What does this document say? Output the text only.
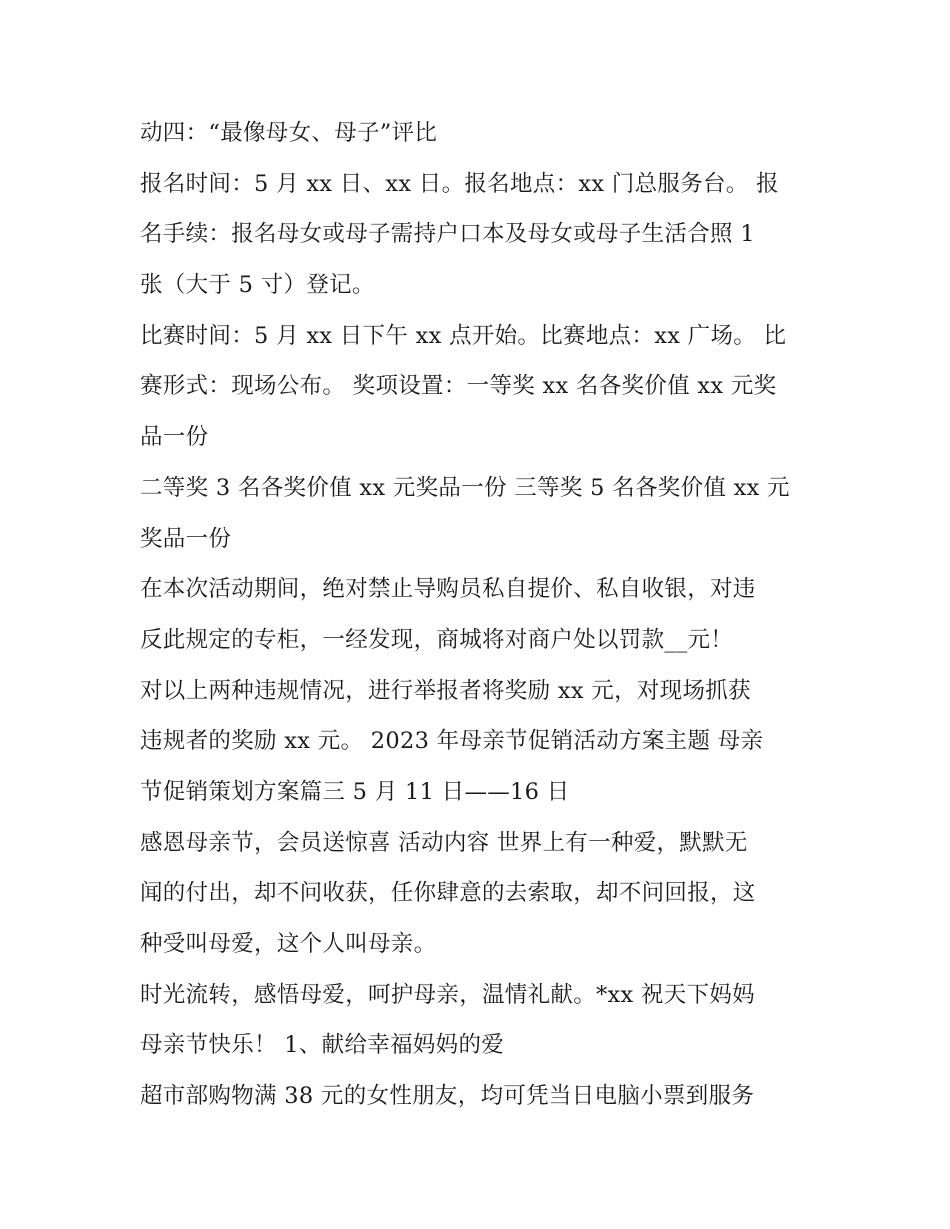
动四：“最像母女、母子”评比
报名时间：5 月 xx 日、xx 日。报名地点：xx 门总服务台。 报
名手续：报名母女或母子需持户口本及母女或母子生活合照 1
张（大于 5 寸）登记。
比赛时间：5 月 xx 日下午 xx 点开始。比赛地点：xx 广场。 比
赛形式：现场公布。 奖项设置：一等奖 xx 名各奖价值 xx 元奖
品一份
二等奖 3 名各奖价值 xx 元奖品一份 三等奖 5 名各奖价值 xx 元
奖品一份
在本次活动期间，绝对禁止导购员私自提价、私自收银，对违
反此规定的专柜，一经发现，商城将对商户处以罚款__元！
对以上两种违规情况，进行举报者将奖励 xx 元，对现场抓获
违规者的奖励 xx 元。 2023 年母亲节促销活动方案主题 母亲
节促销策划方案篇三 5 月 11 日——16 日
感恩母亲节，会员送惊喜 活动内容 世界上有一种爱，默默无
闻的付出，却不问收获，任你肆意的去索取，却不问回报，这
种受叫母爱，这个人叫母亲。
时光流转，感悟母爱，呵护母亲，温情礼献。*xx 祝天下妈妈
母亲节快乐！ 1、献给幸福妈妈的爱
超市部购物满 38 元的女性朋友，均可凭当日电脑小票到服务
